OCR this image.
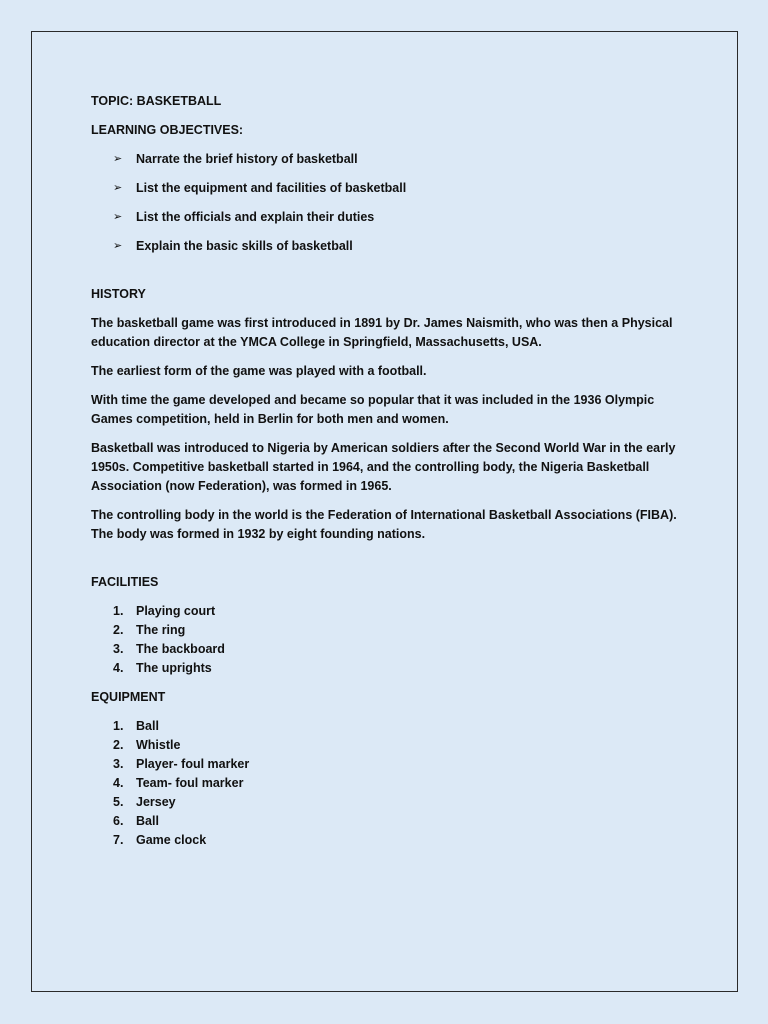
TOPIC: BASKETBALL

LEARNING OBJECTIVES:

➢ Narrate the brief history of basketball
➢ List the equipment and facilities of basketball
➢ List the officials and explain their duties
➢ Explain the basic skills of basketball

HISTORY

The basketball game was first introduced in 1891 by Dr. James Naismith, who was then a Physical education director at the YMCA College in Springfield, Massachusetts, USA.

The earliest form of the game was played with a football.

With time the game developed and became so popular that it was included in the 1936 Olympic Games competition, held in Berlin for both men and women.

Basketball was introduced to Nigeria by American soldiers after the Second World War in the early 1950s. Competitive basketball started in 1964, and the controlling body, the Nigeria Basketball Association (now Federation), was formed in 1965.

The controlling body in the world is the Federation of International Basketball Associations (FIBA). The body was formed in 1932 by eight founding nations.

FACILITIES

1. Playing court
2. The ring
3. The backboard
4. The uprights

EQUIPMENT

1. Ball
2. Whistle
3. Player- foul marker
4. Team- foul marker
5. Jersey
6. Ball
7. Game clock
